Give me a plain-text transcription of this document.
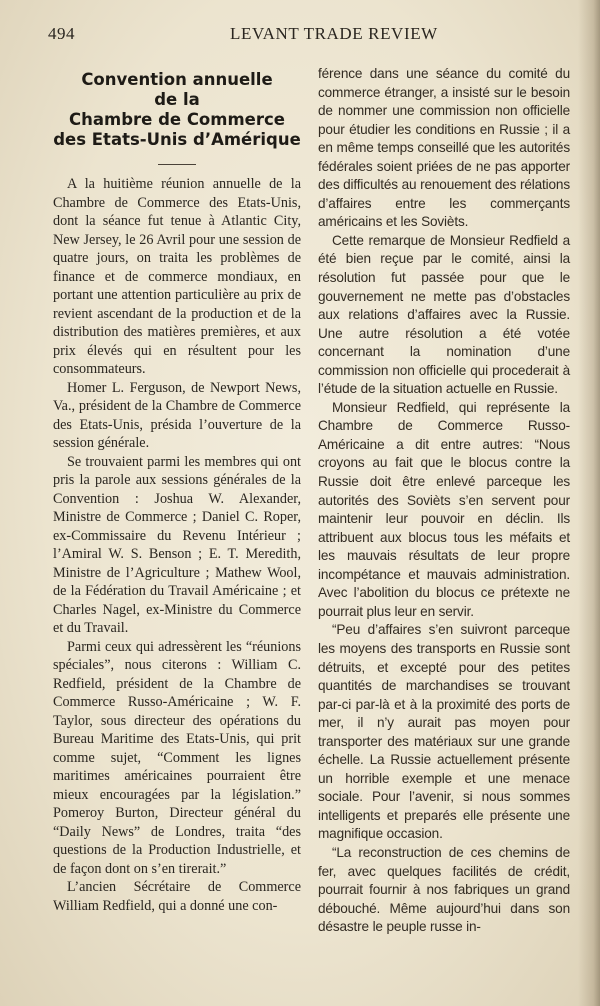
494	LEVANT TRADE REVIEW
Convention annuelle
de la
Chambre de Commerce
des Etats-Unis d’Amérique

A la huitième réunion annuelle de la Chambre de Commerce des Etats-Unis, dont la séance fut tenue à Atlantic City, New Jersey, le 26 Avril pour une session de quatre jours, on traita les problèmes de finance et de commerce mondiaux, en portant une attention particulière au prix de revient ascendant de la production et de la distribution des matières premières, et aux prix élevés qui en résultent pour les consommateurs.

Homer L. Ferguson, de Newport News, Va., président de la Chambre de Commerce des Etats-Unis, présida l’ouverture de la session générale.

Se trouvaient parmi les membres qui ont pris la parole aux sessions générales de la Convention : Joshua W. Alexander, Ministre de Commerce ; Daniel C. Roper, ex-Commissaire du Revenu Intérieur ; l’Amiral W. S. Benson ; E. T. Meredith, Ministre de l’Agriculture ; Mathew Wool, de la Fédération du Travail Américaine ; et Charles Nagel, ex-Ministre du Commerce et du Travail.

Parmi ceux qui adressèrent les “réunions spéciales”, nous citerons : William C. Redfield, président de la Chambre de Commerce Russo-Américaine ; W. F. Taylor, sous directeur des opérations du Bureau Maritime des Etats-Unis, qui prit comme sujet, “Comment les lignes maritimes américaines pourraient être mieux encouragées par la législation.” Pomeroy Burton, Directeur général du “Daily News” de Londres, traita “des questions de la Production Industrielle, et de façon dont on s’en tirerait.”

L’ancien Sécrétaire de Commerce William Redfield, qui a donné une con-

férence dans une séance du comité du commerce étranger, a insisté sur le besoin de nommer une commission non officielle pour étudier les conditions en Russie ; il a en même temps conseillé que les autorités fédérales soient priées de ne pas apporter des difficultés au renouement des rélations d’affaires entre les commerçants américains et les Sovièts.

Cette remarque de Monsieur Redfield a été bien reçue par le comité, ainsi la résolution fut passée pour que le gouvernement ne mette pas d’obstacles aux relations d’affaires avec la Russie. Une autre résolution a été votée concernant la nomination d’une commission non officielle qui procederait à l’étude de la situation actuelle en Russie.

Monsieur Redfield, qui représente la Chambre de Commerce Russo-Américaine a dit entre autres: “Nous croyons au fait que le blocus contre la Russie doit être enlevé parceque les autorités des Sovièts s’en servent pour maintenir leur pouvoir en déclin. Ils attribuent aux blocus tous les méfaits et les mauvais résultats de leur propre incompétance et mauvais administration. Avec l’abolition du blocus ce prétexte ne pourrait plus leur en servir.

“Peu d’affaires s’en suivront parceque les moyens des transports en Russie sont détruits, et excepté pour des petites quantités de marchandises se trouvant par-ci par-là et à la proximité des ports de mer, il n’y aurait pas moyen pour transporter des matériaux sur une grande échelle. La Russie actuellement présente un horrible exemple et une menace sociale. Pour l’avenir, si nous sommes intelligents et preparés elle présente une magnifique occasion.

“La reconstruction de ces chemins de fer, avec quelques facilités de crédit, pourrait fournir à nos fabriques un grand débouché. Même aujourd’hui dans son désastre le peuple russe in-
